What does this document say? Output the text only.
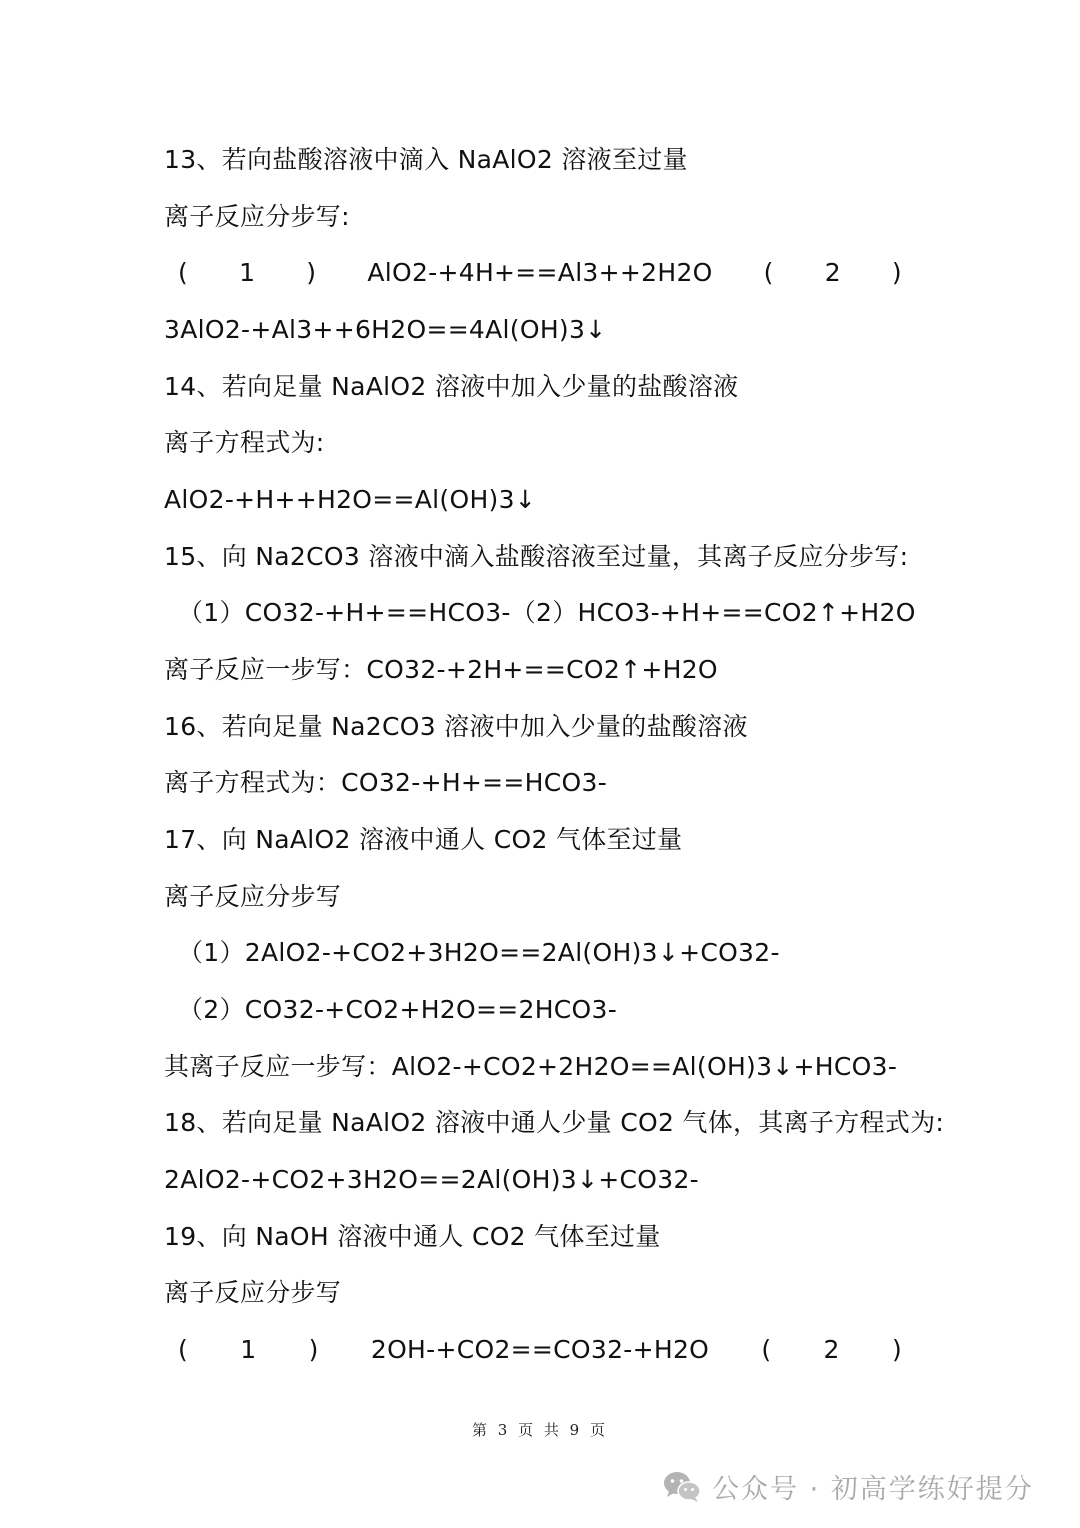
13、若向盐酸溶液中滴入 NaAlO2 溶液至过量
离子反应分步写:
( 1 ) AlO2-+4H+==Al3++2H2O ( 2 )
3AlO2-+Al3++6H2O==4Al(OH)3↓
14、若向足量 NaAlO2 溶液中加入少量的盐酸溶液
离子方程式为:
AlO2-+H++H2O==Al(OH)3↓
15、向 Na2CO3 溶液中滴入盐酸溶液至过量，其离子反应分步写:
（1）CO32-+H+==HCO3-（2）HCO3-+H+==CO2↑+H2O
离子反应一步写：CO32-+2H+==CO2↑+H2O
16、若向足量 Na2CO3 溶液中加入少量的盐酸溶液
离子方程式为：CO32-+H+==HCO3-
17、向 NaAlO2 溶液中通人 CO2 气体至过量
离子反应分步写
（1）2AlO2-+CO2+3H2O==2Al(OH)3↓+CO32-
（2）CO32-+CO2+H2O==2HCO3-
其离子反应一步写：AlO2-+CO2+2H2O==Al(OH)3↓+HCO3-
18、若向足量 NaAlO2 溶液中通人少量 CO2 气体，其离子方程式为:
2AlO2-+CO2+3H2O==2Al(OH)3↓+CO32-
19、向 NaOH 溶液中通人 CO2 气体至过量
离子反应分步写
( 1 ) 2OH-+CO2==CO32-+H2O ( 2 )
第 3 页 共 9 页
公众号 · 初高学练好提分
